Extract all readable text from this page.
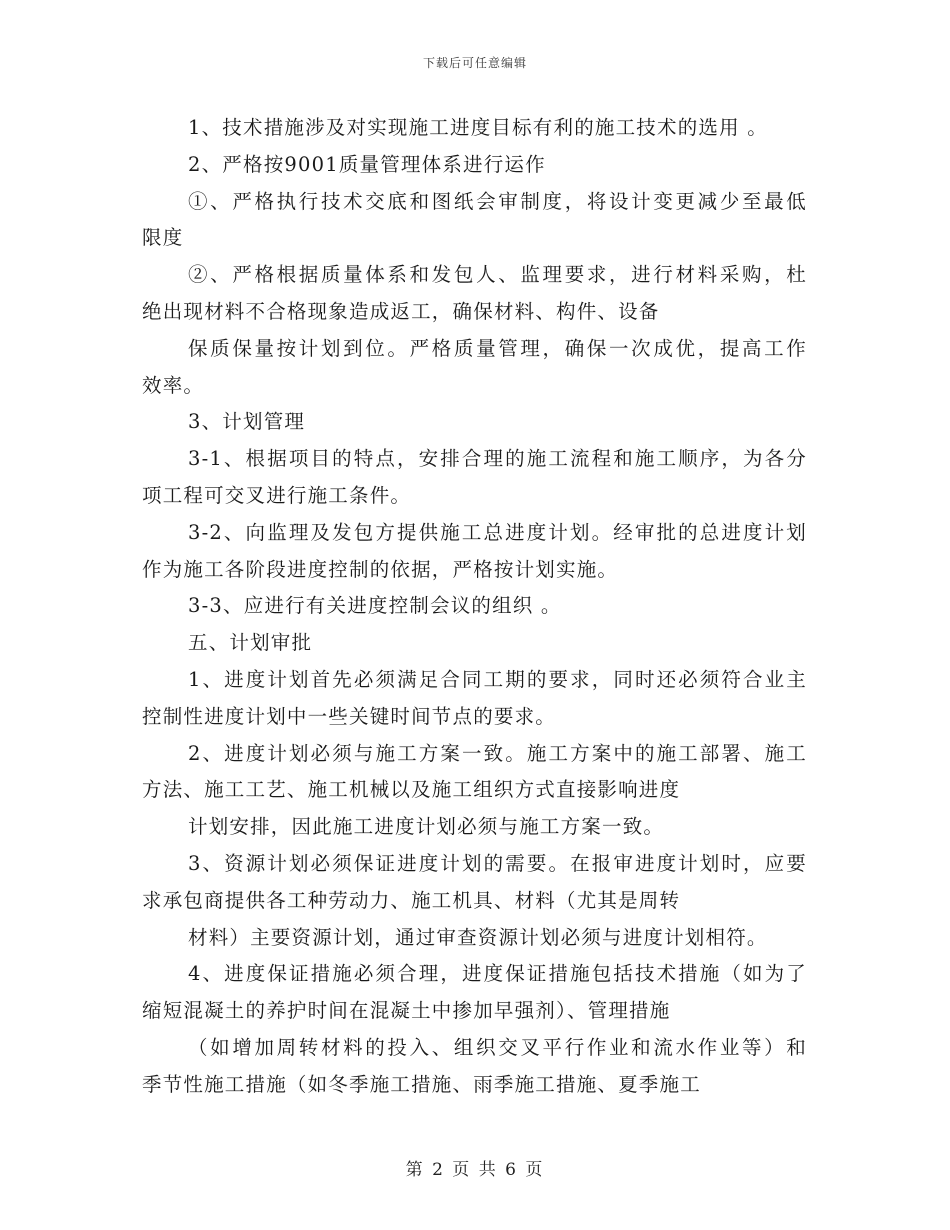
下载后可任意编辑
1、技术措施涉及对实现施工进度目标有利的施工技术的选用 。
2、严格按9001质量管理体系进行运作
①、严格执行技术交底和图纸会审制度，将设计变更减少至最低
限度
②、严格根据质量体系和发包人、监理要求，进行材料采购，杜
绝出现材料不合格现象造成返工，确保材料、构件、设备
保质保量按计划到位。严格质量管理，确保一次成优，提高工作
效率。
3、计划管理
3-1、根据项目的特点，安排合理的施工流程和施工顺序，为各分
项工程可交叉进行施工条件。
3-2、向监理及发包方提供施工总进度计划。经审批的总进度计划
作为施工各阶段进度控制的依据，严格按计划实施。
3-3、应进行有关进度控制会议的组织 。
五、计划审批
1、进度计划首先必须满足合同工期的要求，同时还必须符合业主
控制性进度计划中一些关键时间节点的要求。
2、进度计划必须与施工方案一致。施工方案中的施工部署、施工
方法、施工工艺、施工机械以及施工组织方式直接影响进度
计划安排，因此施工进度计划必须与施工方案一致。
3、资源计划必须保证进度计划的需要。在报审进度计划时，应要
求承包商提供各工种劳动力、施工机具、材料（尤其是周转
材料）主要资源计划，通过审查资源计划必须与进度计划相符。
4、进度保证措施必须合理，进度保证措施包括技术措施（如为了
缩短混凝土的养护时间在混凝土中掺加早强剂）、管理措施
（如增加周转材料的投入、组织交叉平行作业和流水作业等）和
季节性施工措施（如冬季施工措施、雨季施工措施、夏季施工
第 2 页 共 6 页
